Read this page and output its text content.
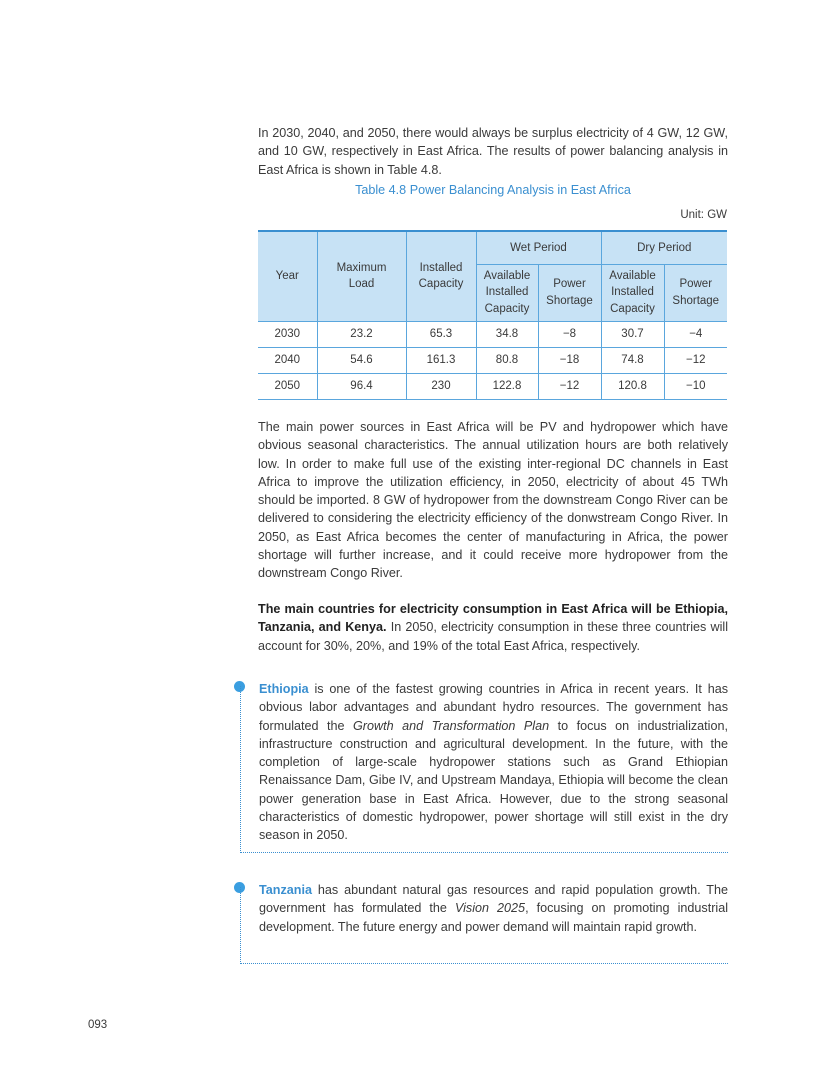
In 2030, 2040, and 2050, there would always be surplus electricity of 4 GW, 12 GW, and 10 GW, respectively in East Africa. The results of power balancing analysis in East Africa is shown in Table 4.8.

Table 4.8 Power Balancing Analysis in East Africa
Unit: GW
Year	Maximum Load	Installed Capacity	Wet Period		Dry Period	
			Available Installed Capacity	Power Shortage	Available Installed Capacity	Power Shortage
2030	23.2	65.3	34.8	−8	30.7	−4
2040	54.6	161.3	80.8	−18	74.8	−12
2050	96.4	230	122.8	−12	120.8	−10

The main power sources in East Africa will be PV and hydropower which have obvious seasonal characteristics. The annual utilization hours are both relatively low. In order to make full use of the existing inter-regional DC channels in East Africa to improve the utilization efficiency, in 2050, electricity of about 45 TWh should be imported. 8 GW of hydropower from the downstream Congo River can be delivered to considering the electricity efficiency of the donwstream Congo River. In 2050, as East Africa becomes the center of manufacturing in Africa, the power shortage will further increase, and it could receive more hydropower from the downstream Congo River.

The main countries for electricity consumption in East Africa will be Ethiopia, Tanzania, and Kenya. In 2050, electricity consumption in these three countries will account for 30%, 20%, and 19% of the total East Africa, respectively.

Ethiopia is one of the fastest growing countries in Africa in recent years. It has obvious labor advantages and abundant hydro resources. The government has formulated the Growth and Transformation Plan to focus on industrialization, infrastructure construction and agricultural development. In the future, with the completion of large-scale hydropower stations such as Grand Ethiopian Renaissance Dam, Gibe IV, and Upstream Mandaya, Ethiopia will become the clean power generation base in East Africa. However, due to the strong seasonal characteristics of domestic hydropower, power shortage will still exist in the dry season in 2050.

Tanzania has abundant natural gas resources and rapid population growth. The government has formulated the Vision 2025, focusing on promoting industrial development. The future energy and power demand will maintain rapid growth.

093
